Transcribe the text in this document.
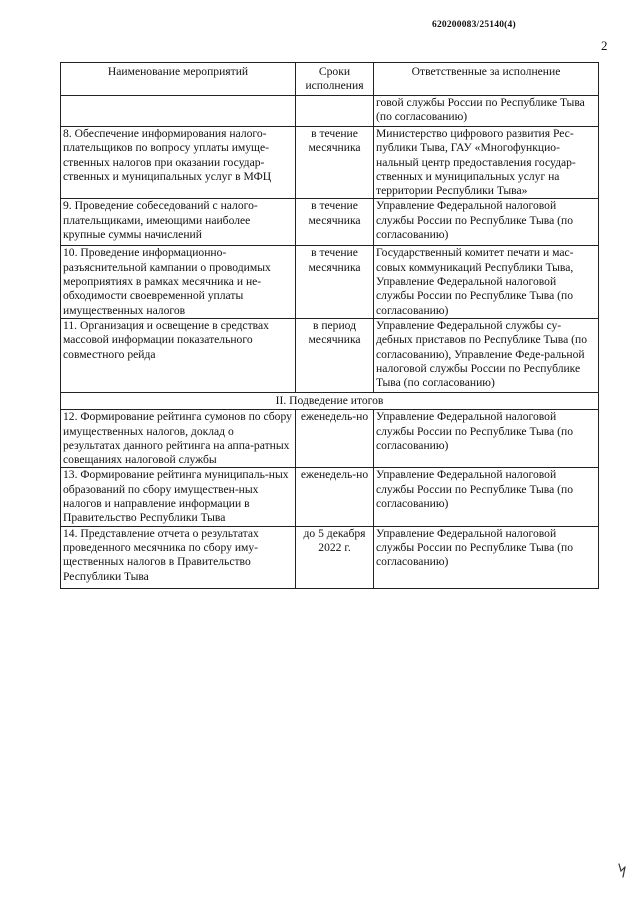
620200083/25140(4)
2
Наименование мероприятий	Сроки исполнения	Ответственные за исполнение
		говой службы России по Республике Тыва (по согласованию)
8. Обеспечение информирования налого-плательщиков по вопросу уплаты имуще-ственных налогов при оказании государ-ственных и муниципальных услуг в МФЦ	в течение месячника	Министерство цифрового развития Рес-публики Тыва, ГАУ «Многофункцио-нальный центр предоставления государ-ственных и муниципальных услуг на территории Республики Тыва»
9. Проведение собеседований с налого-плательщиками, имеющими наиболее крупные суммы начислений	в течение месячника	Управление Федеральной налоговой службы России по Республике Тыва (по согласованию)
10. Проведение информационно-разъяснительной кампании о проводимых мероприятиях в рамках месячника и не-обходимости своевременной уплаты имущественных налогов	в течение месячника	Государственный комитет печати и мас-совых коммуникаций Республики Тыва, Управление Федеральной налоговой службы России по Республике Тыва (по согласованию)
11. Организация и освещение в средствах массовой информации показательного совместного рейда	в период месячника	Управление Федеральной службы су-дебных приставов по Республике Тыва (по согласованию), Управление Феде-ральной налоговой службы России по Республике Тыва (по согласованию)
II. Подведение итогов		
12. Формирование рейтинга сумонов по сбору имущественных налогов, доклад о результатах данного рейтинга на аппа-ратных совещаниях налоговой службы	еженедель-но	Управление Федеральной налоговой службы России по Республике Тыва (по согласованию)
13. Формирование рейтинга муниципаль-ных образований по сбору имуществен-ных налогов и направление информации в Правительство Республики Тыва	еженедель-но	Управление Федеральной налоговой службы России по Республике Тыва (по согласованию)
14. Представление отчета о результатах проведенного месячника по сбору иму-щественных налогов в Правительство Республики Тыва	до 5 декабря 2022 г.	Управление Федеральной налоговой службы России по Республике Тыва (по согласованию)
